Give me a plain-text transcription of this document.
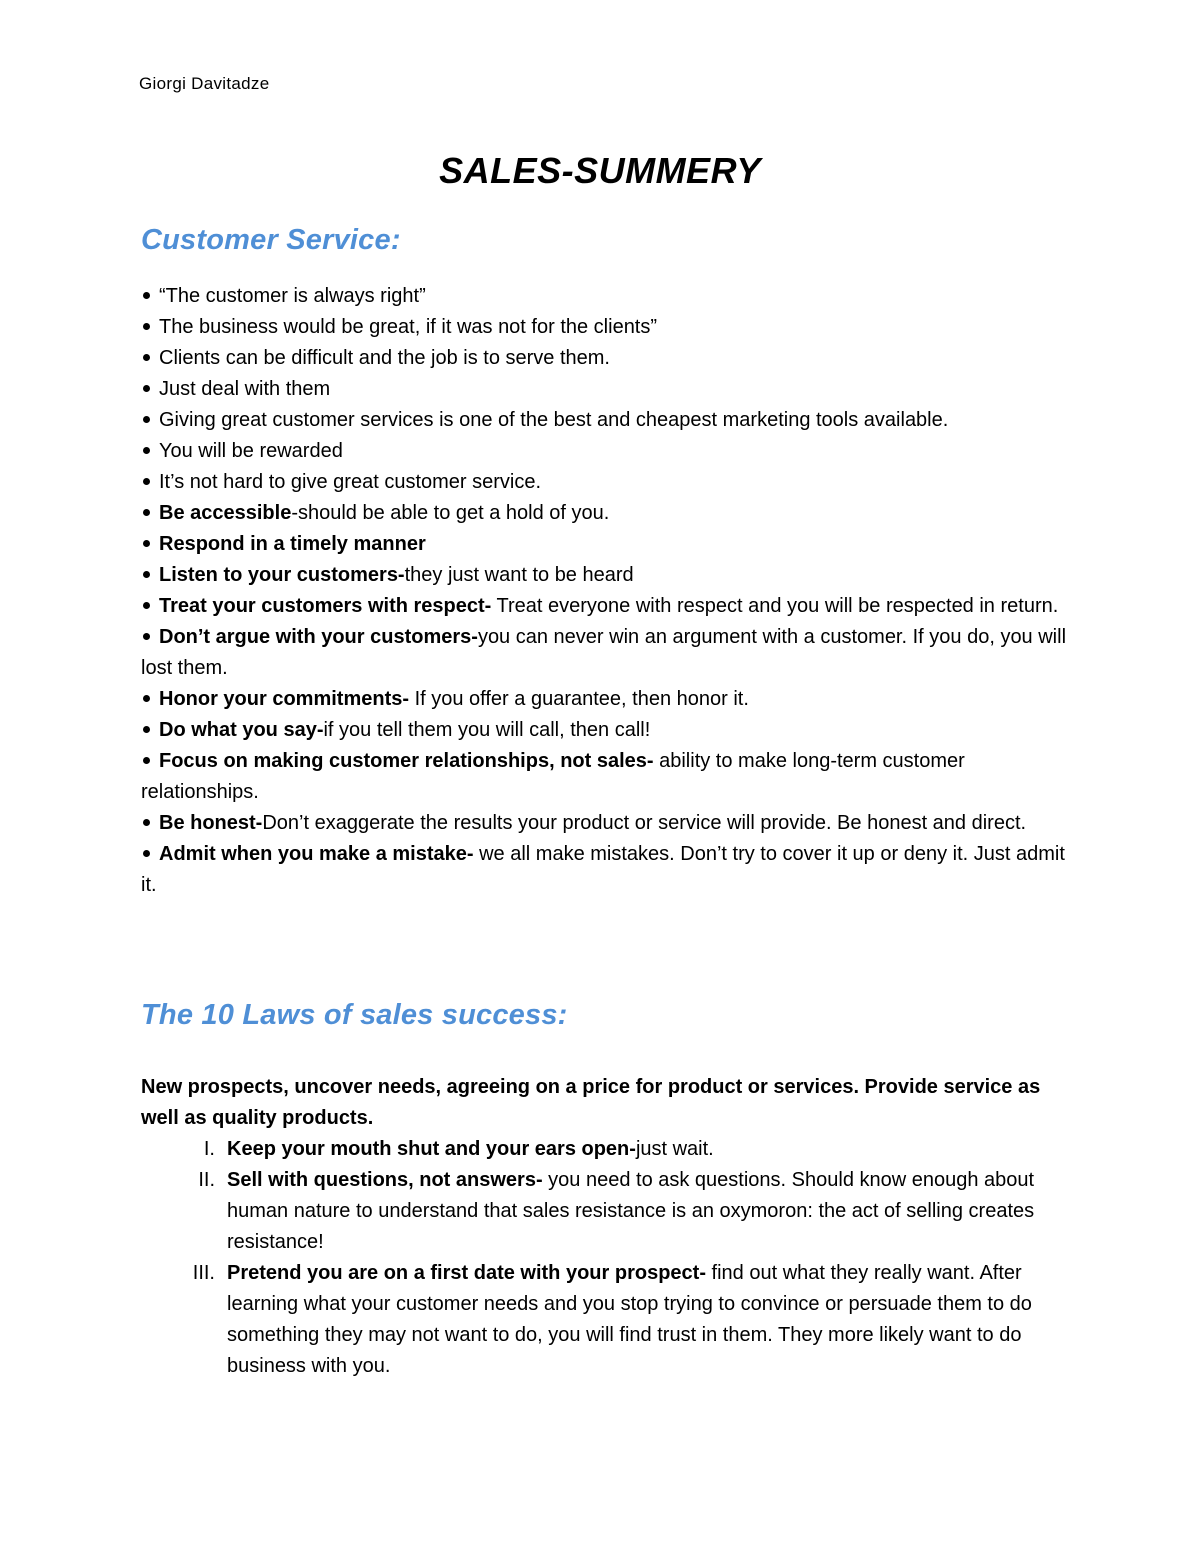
Giorgi Davitadze
SALES-SUMMERY
Customer Service:
“The customer is always right”
The business would be great, if it was not for the clients”
Clients can be difficult and the job is to serve them.
Just deal with them
Giving great customer services is one of the best and cheapest marketing tools available.
You will be rewarded
It’s not hard to give great customer service.
Be accessible-should be able to get a hold of you.
Respond in a timely manner
Listen to your customers-they just want to be heard
Treat your customers with respect- Treat everyone with respect and you will be respected in return.
Don’t argue with your customers-you can never win an argument with a customer. If you do, you will lost them.
Honor your commitments- If you offer a guarantee, then honor it.
Do what you say-if you tell them you will call, then call!
Focus on making customer relationships, not sales- ability to make long-term customer relationships.
Be honest-Don’t exaggerate the results your product or service will provide. Be honest and direct.
Admit when you make a mistake- we all make mistakes. Don’t try to cover it up or deny it. Just admit it.
The 10 Laws of sales success:

New prospects, uncover needs, agreeing on a price for product or services. Provide service as well as quality products.

I. Keep your mouth shut and your ears open-just wait.
II. Sell with questions, not answers- you need to ask questions. Should know enough about human nature to understand that sales resistance is an oxymoron: the act of selling creates resistance!
III. Pretend you are on a first date with your prospect- find out what they really want. After learning what your customer needs and you stop trying to convince or persuade them to do something they may not want to do, you will find trust in them. They more likely want to do business with you.
